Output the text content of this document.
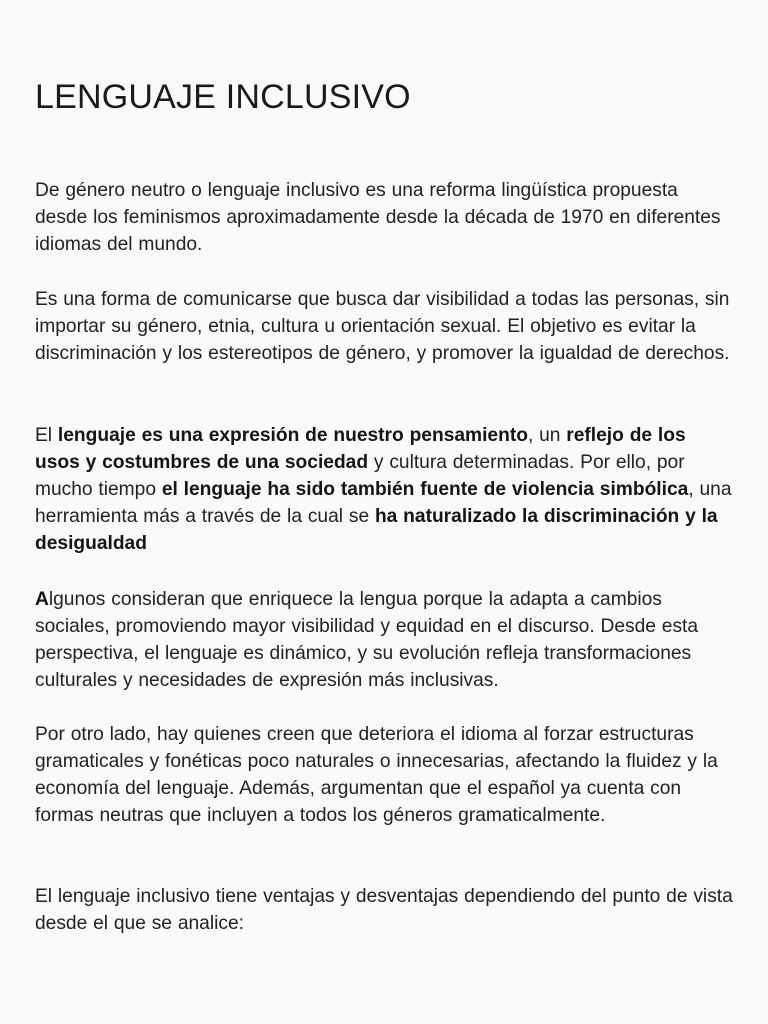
LENGUAJE INCLUSIVO

De género neutro o lenguaje inclusivo es una reforma lingüística propuesta desde los feminismos aproximadamente desde la década de 1970 en diferentes idiomas del mundo.

Es una forma de comunicarse que busca dar visibilidad a todas las personas, sin importar su género, etnia, cultura u orientación sexual. El objetivo es evitar la discriminación y los estereotipos de género, y promover la igualdad de derechos.

El lenguaje es una expresión de nuestro pensamiento, un reflejo de los usos y costumbres de una sociedad y cultura determinadas. Por ello, por mucho tiempo el lenguaje ha sido también fuente de violencia simbólica, una herramienta más a través de la cual se ha naturalizado la discriminación y la desigualdad

Algunos consideran que enriquece la lengua porque la adapta a cambios sociales, promoviendo mayor visibilidad y equidad en el discurso. Desde esta perspectiva, el lenguaje es dinámico, y su evolución refleja transformaciones culturales y necesidades de expresión más inclusivas.

Por otro lado, hay quienes creen que deteriora el idioma al forzar estructuras gramaticales y fonéticas poco naturales o innecesarias, afectando la fluidez y la economía del lenguaje. Además, argumentan que el español ya cuenta con formas neutras que incluyen a todos los géneros gramaticalmente.

El lenguaje inclusivo tiene ventajas y desventajas dependiendo del punto de vista desde el que se analice:
